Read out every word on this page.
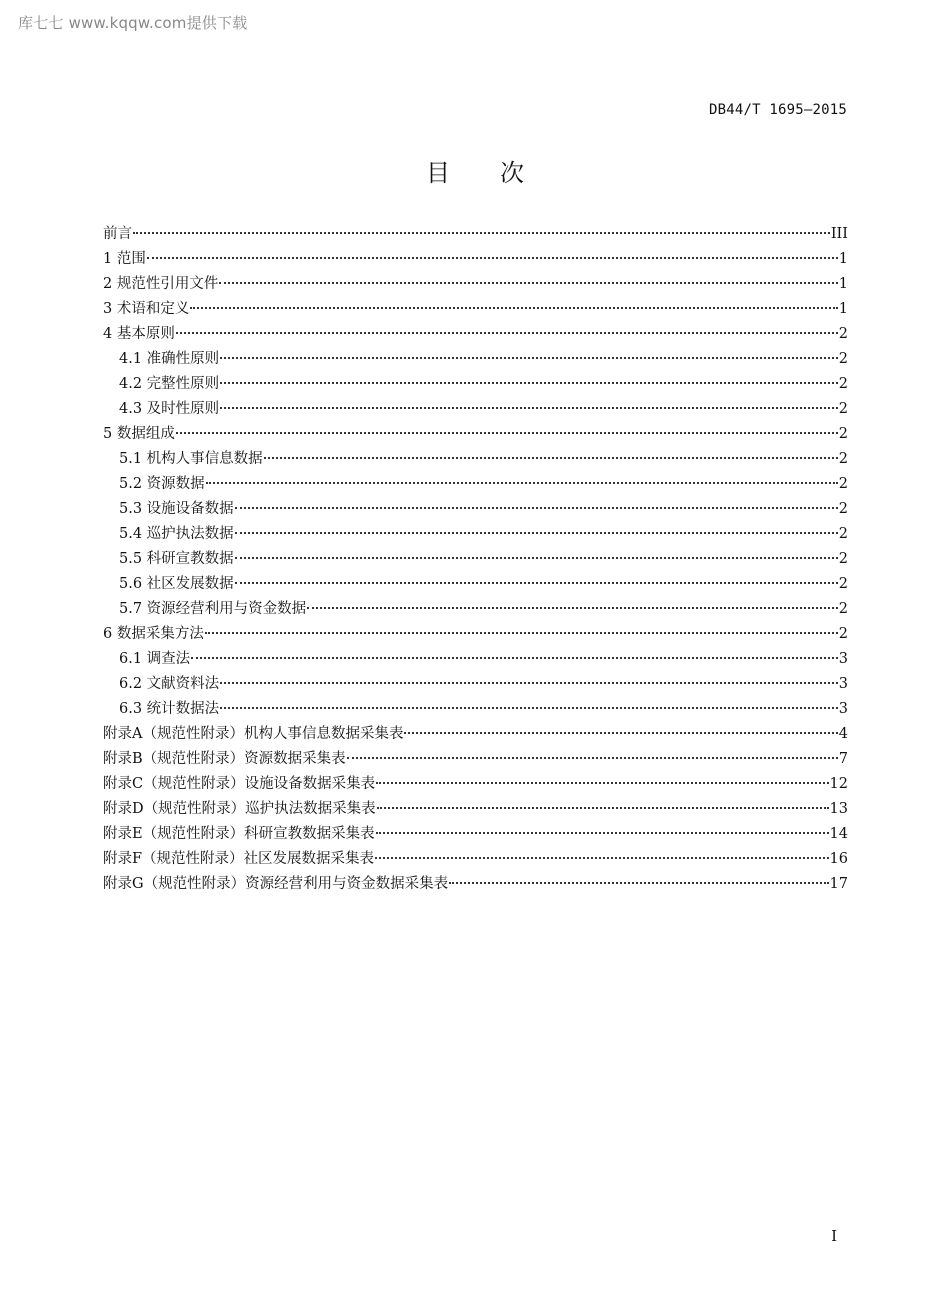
库七七 www.kqqw.com提供下载
DB44/T 1695—2015
目次
前言	III
1 范围	1
2 规范性引用文件	1
3 术语和定义	1
4 基本原则	2
4.1 准确性原则	2
4.2 完整性原则	2
4.3 及时性原则	2
5 数据组成	2
5.1 机构人事信息数据	2
5.2 资源数据	2
5.3 设施设备数据	2
5.4 巡护执法数据	2
5.5 科研宣教数据	2
5.6 社区发展数据	2
5.7 资源经营利用与资金数据	2
6 数据采集方法	2
6.1 调查法	3
6.2 文献资料法	3
6.3 统计数据法	3
附录A（规范性附录）机构人事信息数据采集表	4
附录B（规范性附录）资源数据采集表	7
附录C（规范性附录）设施设备数据采集表	12
附录D（规范性附录）巡护执法数据采集表	13
附录E（规范性附录）科研宣教数据采集表	14
附录F（规范性附录）社区发展数据采集表	16
附录G（规范性附录）资源经营利用与资金数据采集表	17
I
